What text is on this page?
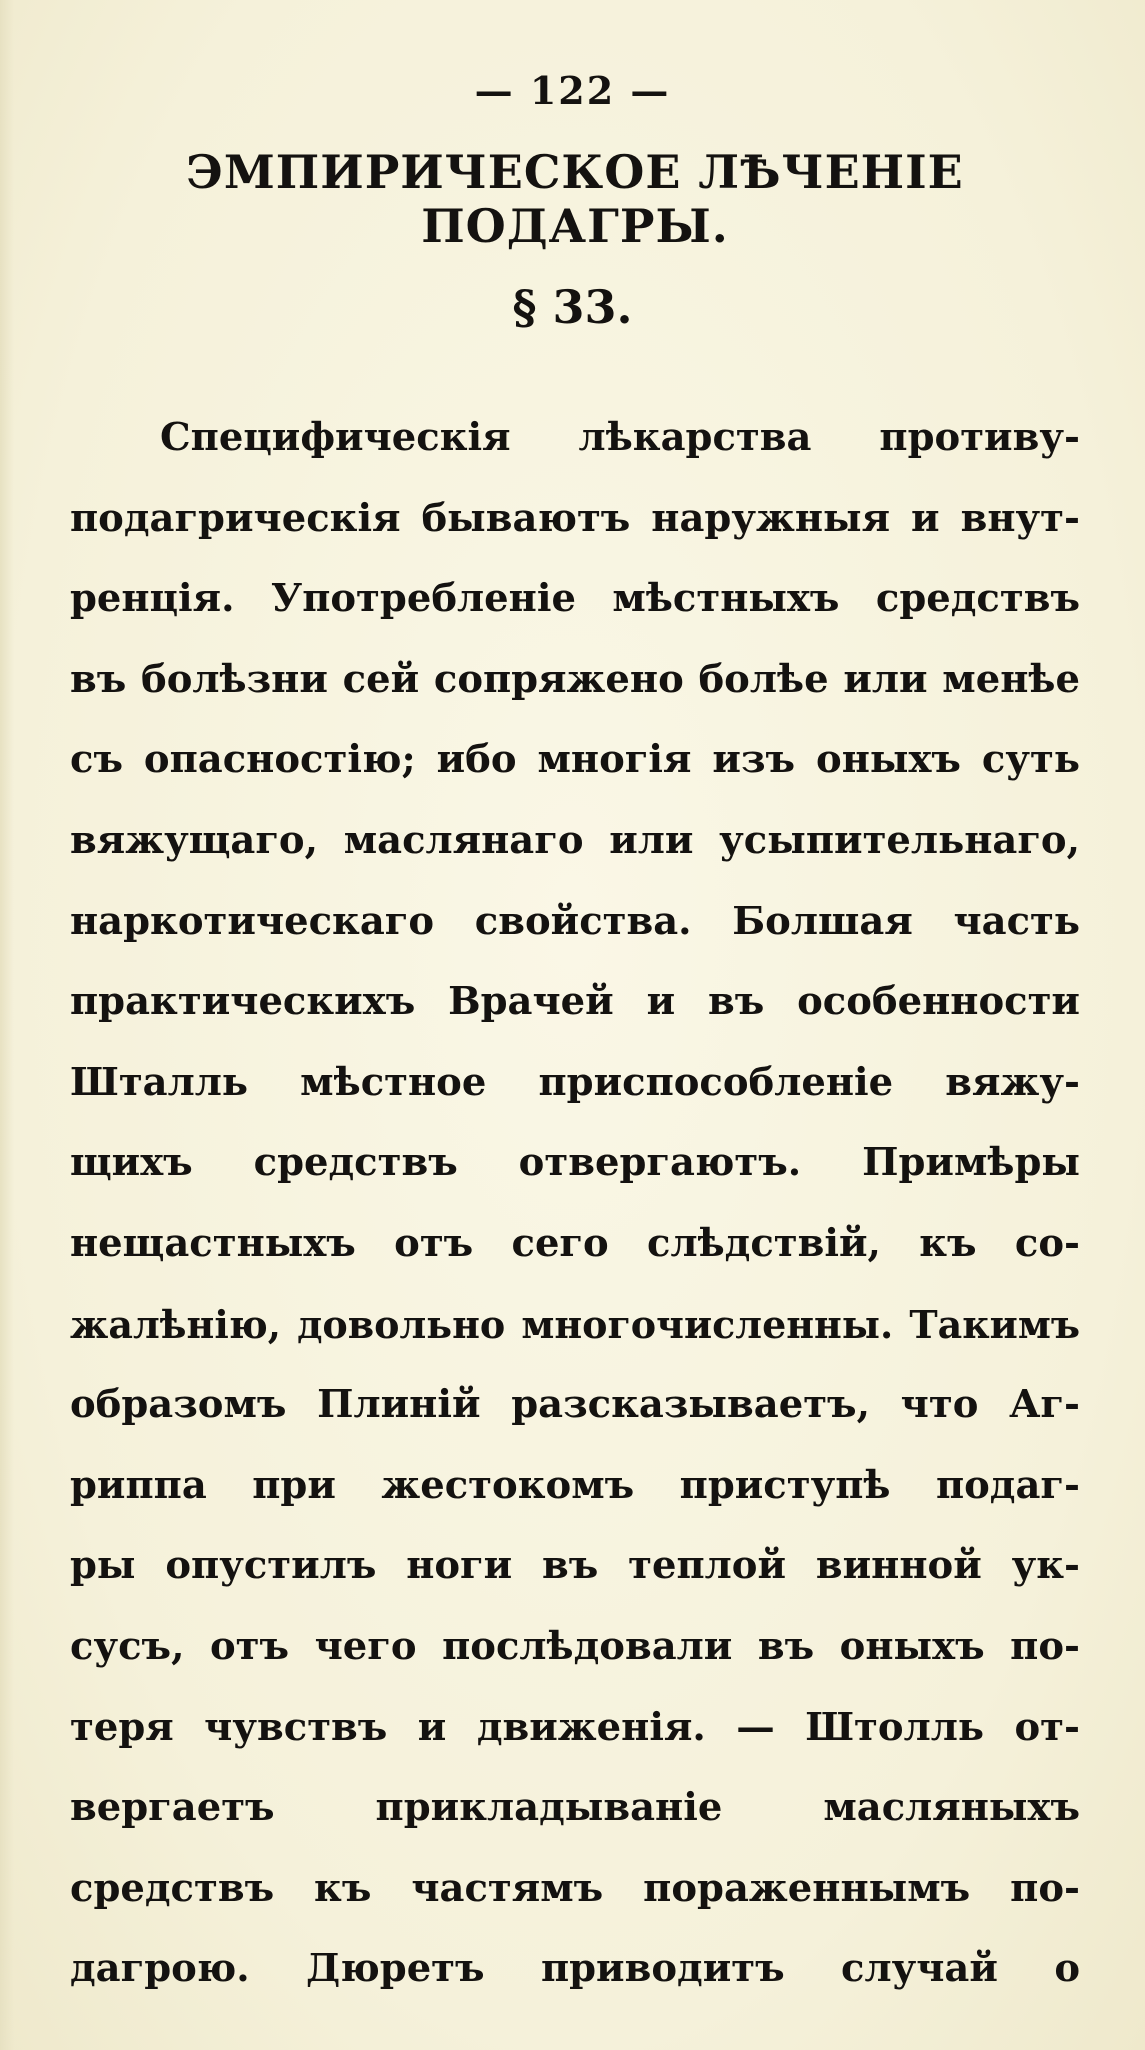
— 122 —
ЭМПИРИЧЕСКОЕ ЛѢЧЕНІЕ ПОДАГРЫ.
§ 33.
Специфическія лѣкарства противу-
подагрическія бываютъ наружныя и внут-
ренція. Употребленіе мѣстныхъ средствъ
въ болѣзни сей сопряжено болѣе или менѣе
съ опасностію; ибо многія изъ оныхъ суть
вяжущаго, маслянаго или усыпительнаго,
наркотическаго свойства. Болшая часть
практическихъ Врачей и въ особенности
Шталль мѣстное приспособленіе вяжу-
щихъ средствъ отвергаютъ. Примѣры
нещастныхъ отъ сего слѣдствій, къ со-
жалѣнію, довольно многочисленны. Такимъ
образомъ Плиній разсказываетъ, что Аг-
риппа при жестокомъ приступѣ подаг-
ры опустилъ ноги въ теплой винной ук-
сусъ, отъ чего послѣдовали въ оныхъ по-
теря чувствъ и движенія. — Штолль от-
вергаетъ прикладываніе масляныхъ
средствъ къ частямъ пораженнымъ по-
дагрою. Дюретъ приводитъ случай о
